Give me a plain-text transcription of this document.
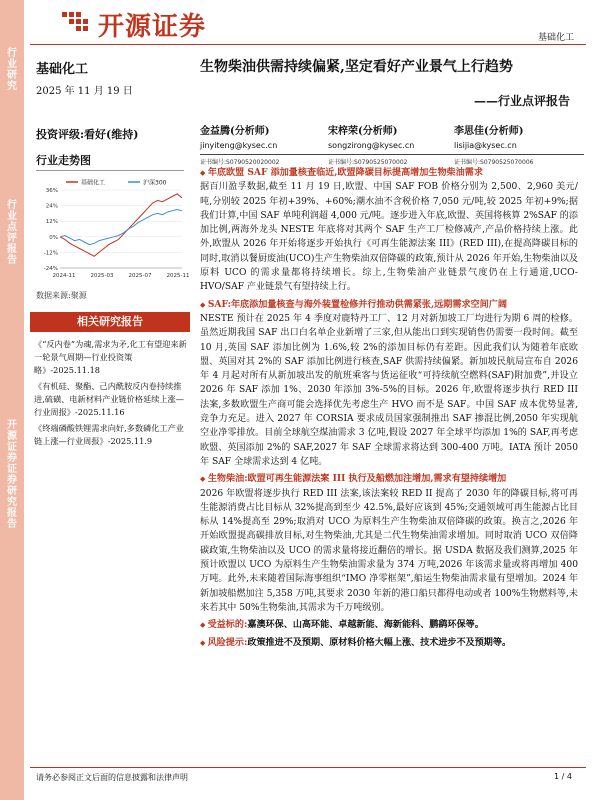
行业研究
行业点评报告
开源证券 证券研究报告
开源证券	基础化工
基础化工
2025 年 11 月 19 日
生物柴油供需持续偏紧,坚定看好产业景气上行趋势
——行业点评报告
投资评级:看好(维持)
行业走势图
金益腾(分析师)
jinyiteng@kysec.cn
证书编号:S0790520020002
宋梓荣(分析师)
songzirong@kysec.cn
证书编号:S0790525070002
李思佳(分析师)
lisijia@kysec.cn
证书编号:S0790525070006
基础化工	沪深300
-24%
-12%
0%
12%
24%
36%
2024-11	2025-03	2025-07	2025-11
数据来源:聚源
相关研究报告
《“反内卷”为魂,需求为矛,化工有望迎来新一轮景气周期—行业投资策略》-2025.11.18
《有机硅、聚酯、己内酰胺反内卷持续推进,硫磺、电新材料产业链价格延续上涨—行业周报》-2025.11.16
《终端磷酸铁锂需求向好,多数磷化工产业链上涨—行业周报》-2025.11.9
◆ 年底欧盟 SAF 添加量核查临近,欧盟降碳目标提高增加生物柴油需求
据百川盈孚数据,截至 11 月 19 日,欧盟、中国 SAF FOB 价格分别为 2,500、2,960 美元/吨,分别较 2025 年初+39%、+60%;潮水油不含税价格 7,050 元/吨,较 2025 年初+9%;据我们计算,中国 SAF 单吨利润超 4,000 元/吨。逐步进入年底,欧盟、英国将核算 2%SAF 的添加比例,两海外龙头 NESTE 年底将对其两个 SAF 生产工厂检修减产,产品价格持续上涨。此外,欧盟从 2026 年开始将逐步开始执行《可再生能源法案 III》(RED III),在提高降碳目标的同时,取消以餐厨废油(UCO)生产生物柴油双倍降碳的政策,预计从 2026 年开始,生物柴油以及原料 UCO 的需求量都将持续增长。综上,生物柴油产业链景气度仍在上行通道,UCO-HVO/SAF 产业链景气有望持续上行。
◆ SAF:年底添加量核查与海外装置检修并行推动供需紧张,远期需求空间广阔
NESTE 预计在 2025 年 4 季度对鹿特丹工厂、12 月对新加坡工厂均进行为期 6 周的检修。虽然近期我国 SAF 出口白名单企业新增了三家,但从能出口到实现销售仍需要一段时间。截至 10 月,英国 SAF 添加比例为 1.6%,较 2%的添加目标仍有差距。因此我们认为随着年底欧盟、英国对其 2%的 SAF 添加比例进行核查,SAF 供需持续偏紧。新加坡民航局宣布自 2026 年 4 月起对所有从新加坡出发的航班乘客与货运征收“可持续航空燃料(SAF)附加费”,并设立 2026 年 SAF 添加 1%、2030 年添加 3%-5%的目标。2026 年,欧盟将逐步执行 RED III 法案,多数欧盟生产商可能会选择优先考虑生产 HVO 而不是 SAF。中国 SAF 成本优势显著,竞争力充足。进入 2027 年 CORSIA 要求成员国家强制推出 SAF 掺混比例,2050 年实现航空业净零排放。目前全球航空煤油需求 3 亿吨,假设 2027 年全球平均添加 1%的 SAF,再考虑欧盟、英国添加 2%的 SAF,2027 年 SAF 全球需求将达到 300-400 万吨。IATA 预计 2050 年 SAF 全球需求达到 4 亿吨。
◆ 生物柴油:欧盟可再生能源法案 III 执行及船燃加注增加,需求有望持续增加
2026 年欧盟将逐步执行 RED III 法案,该法案较 RED II 提高了 2030 年的降碳目标,将可再生能源消费占比目标从 32%提高到至少 42.5%,最好应该到 45%;交通领域可再生能源占比目标从 14%提高至 29%;取消对 UCO 为原料生产生物柴油双倍降碳的政策。换言之,2026 年开始欧盟提高碳排放目标,对生物柴油,尤其是二代生物柴油需求增加。同时取消 UCO 双倍降碳政策,生物柴油以及 UCO 的需求量将接近翻倍的增长。据 USDA 数据及我们测算,2025 年预计欧盟以 UCO 为原料生产生物柴油需求量为 374 万吨,2026 年该需求量或将再增加 400 万吨。此外,未来随着国际海事组织“IMO 净零框架”,船运生物柴油需求量有望增加。2024 年新加坡船燃加注 5,358 万吨,其要求 2030 年新的港口船只都得电动或者 100%生物燃料等,未来若其中 50%生物柴油,其需求为千万吨级别。
◆ 受益标的:嘉澳环保、山高环能、卓越新能、海新能科、鹏鹞环保等。
◆ 风险提示:政策推进不及预期、原材料价格大幅上涨、技术进步不及预期等。
请务必参阅正文后面的信息披露和法律声明	1 / 4
